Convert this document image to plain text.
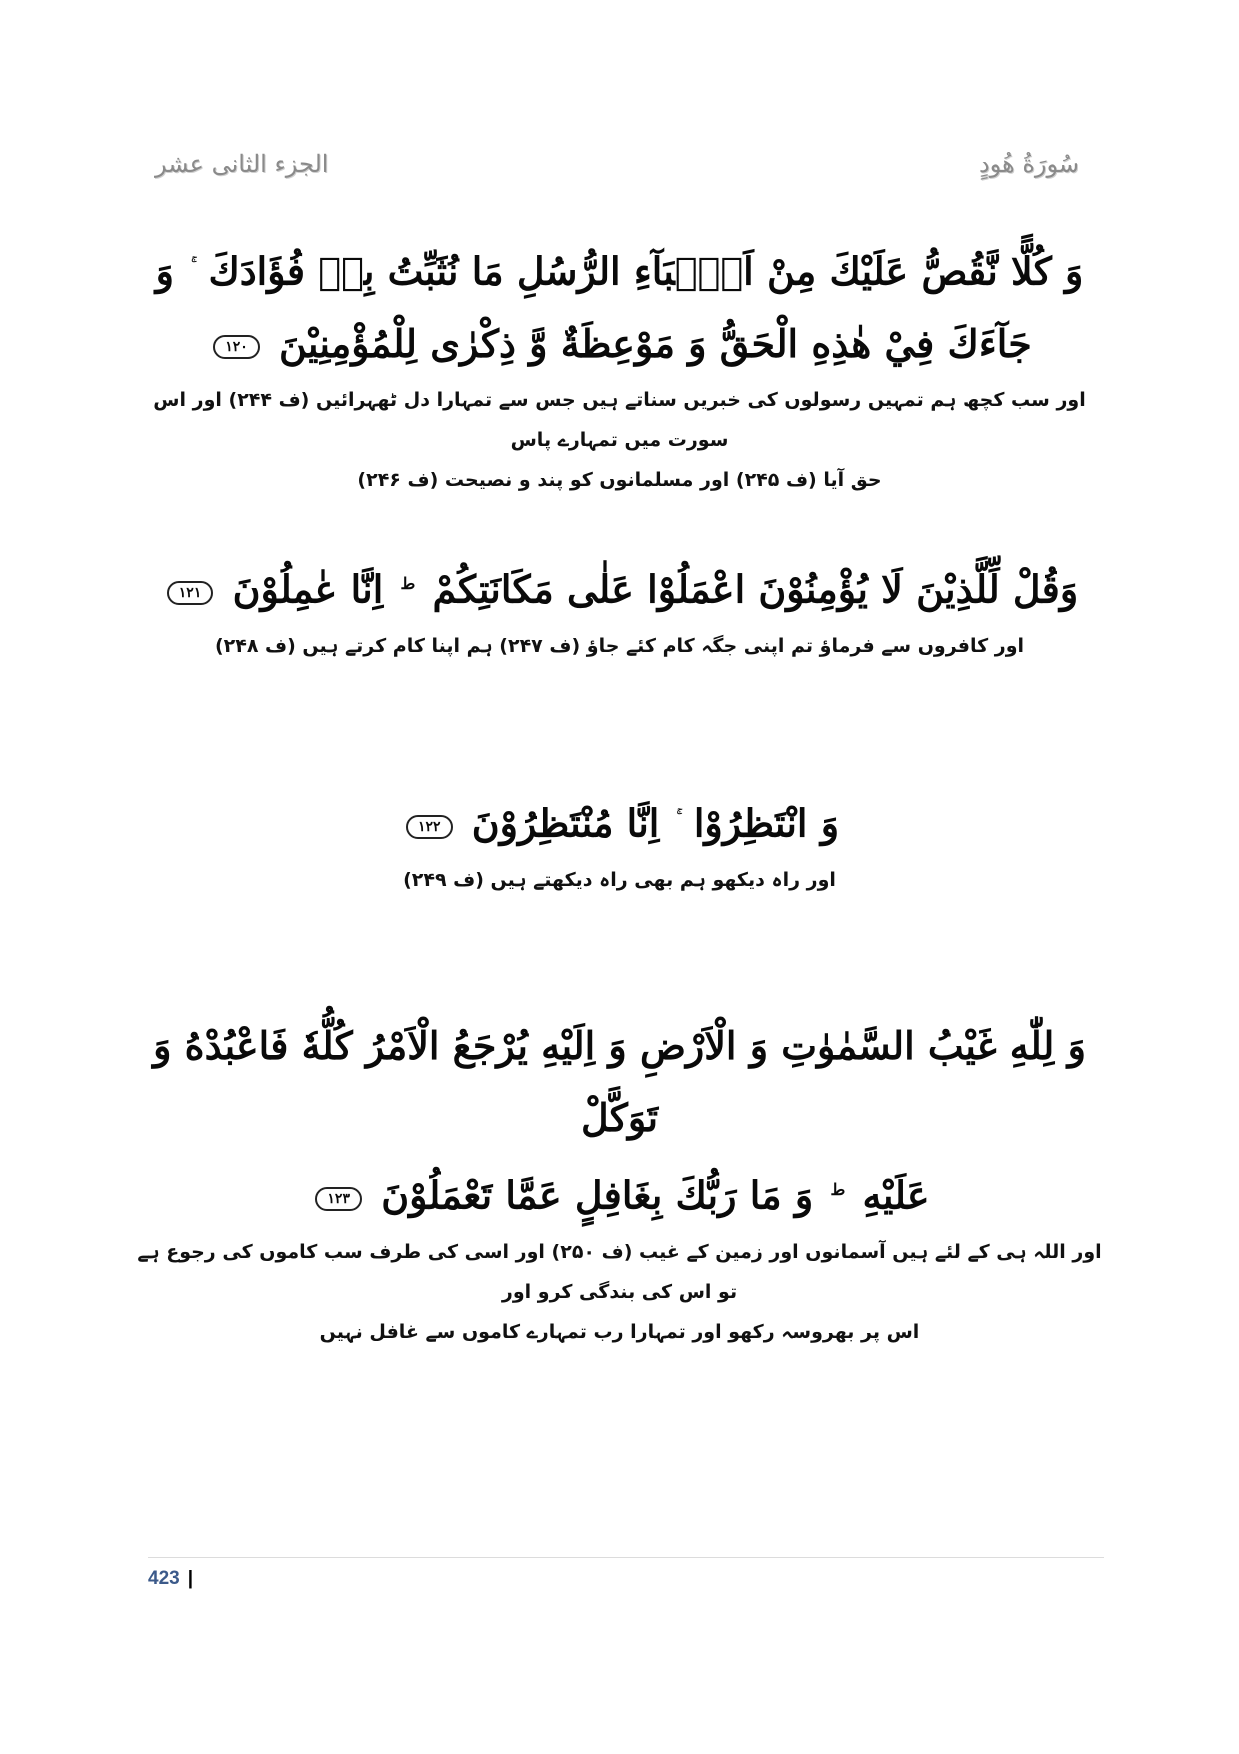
سُورَةُ هُودٍ
الجزء الثانی عشر

وَ كُلًّا نَّقُصُّ عَلَيْكَ مِنْ اَنْۢبَآءِ الرُّسُلِ مَا نُثَبِّتُ بِهٖ فُؤَادَكَ وَ جَآءَكَ فِيْ هٰذِهِ الْحَقُّ وَ مَوْعِظَةٌ وَّ ذِكْرٰى لِلْمُؤْمِنِيْنَ ۱۲۰

اور سب کچھ ہم تمہیں رسولوں کی خبریں سناتے ہیں جس سے تمہارا دل ٹھہرائیں (ف ۲۴۴) اور اس سورت میں تمہارے پاس

حق آیا (ف ۲۴۵) اور مسلمانوں کو پند و نصیحت (ف ۲۴۶)

وَقُلْ لِّلَّذِيْنَ لَا يُؤْمِنُوْنَ اعْمَلُوْا عَلٰى مَكَانَتِكُمْ $^ط$ اِنَّا عٰمِلُوْنَ ۱۲۱

اور کافروں سے فرماؤ تم اپنی جگہ کام کئے جاؤ (ف ۲۴۷) ہم اپنا کام کرتے ہیں (ف ۲۴۸)

وَ انْتَظِرُوْا اِنَّا مُنْتَظِرُوْنَ ۱۲۲

اور راہ دیکھو ہم بھی راہ دیکھتے ہیں (ف ۲۴۹)

وَ لِلّٰهِ غَيْبُ السَّمٰوٰتِ وَ الْاَرْضِ وَ اِلَيْهِ يُرْجَعُ الْاَمْرُ كُلُّهٗ فَاعْبُدْهُ وَ تَوَكَّلْ

عَلَيْهِ $^ط$ وَ مَا رَبُّكَ بِغَافِلٍ عَمَّا تَعْمَلُوْنَ ۱۲۳

اور اللہ ہی کے لئے ہیں آسمانوں اور زمین کے غیب (ف ۲۵۰) اور اسی کی طرف سب کاموں کی رجوع ہے تو اس کی بندگی کرو اور

اس پر بھروسہ رکھو اور تمہارا رب تمہارے کاموں سے غافل نہیں

423 |
